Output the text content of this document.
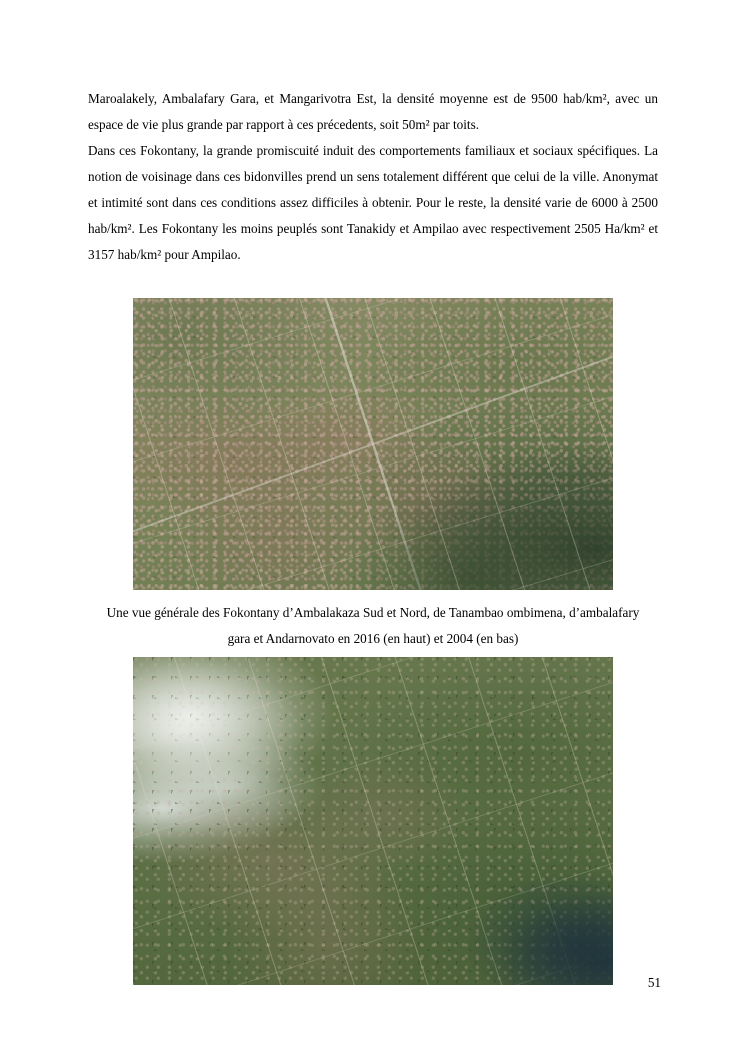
Maroalakely, Ambalafary Gara, et Mangarivotra Est, la densité moyenne est de 9500 hab/km², avec un espace de vie plus grande par rapport à ces précedents, soit 50m² par toits.

Dans ces Fokontany, la grande promiscuité induit des comportements familiaux et sociaux spécifiques. La notion de voisinage dans ces bidonvilles prend un sens totalement différent que celui de la ville. Anonymat et intimité sont dans ces conditions assez difficiles à obtenir. Pour le reste, la densité varie de 6000 à 2500 hab/km². Les Fokontany les moins peuplés sont Tanakidy et Ampilao avec respectivement 2505 Ha/km² et 3157 hab/km² pour Ampilao.

Une vue générale des Fokontany d’Ambalakaza Sud et Nord, de Tanambao ombimena, d’ambalafary gara et Andarnovato en 2016 (en haut) et 2004 (en bas)

51
